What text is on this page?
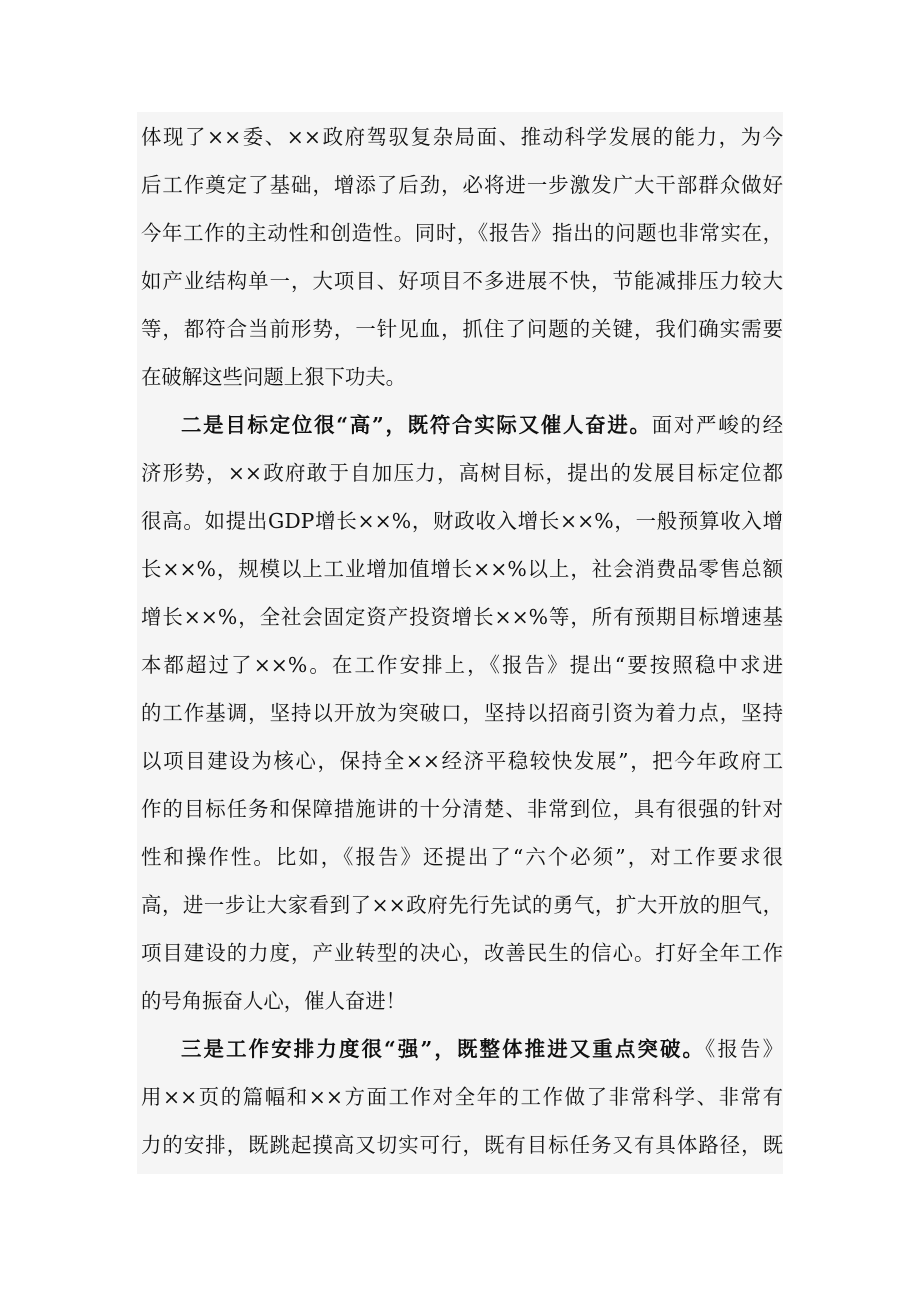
体现了××委、××政府驾驭复杂局面、推动科学发展的能力，为今
后工作奠定了基础，增添了后劲，必将进一步激发广大干部群众做好
今年工作的主动性和创造性。同时，《报告》指出的问题也非常实在，
如产业结构单一，大项目、好项目不多进展不快，节能减排压力较大
等，都符合当前形势，一针见血，抓住了问题的关键，我们确实需要
在破解这些问题上狠下功夫。
二是目标定位很“高”，既符合实际又催人奋进。面对严峻的经
济形势，××政府敢于自加压力，高树目标，提出的发展目标定位都
很高。如提出GDP增长××%，财政收入增长××%，一般预算收入增
长××%，规模以上工业增加值增长××%以上，社会消费品零售总额
增长××%，全社会固定资产投资增长××%等，所有预期目标增速基
本都超过了××%。在工作安排上，《报告》提出“要按照稳中求进
的工作基调，坚持以开放为突破口，坚持以招商引资为着力点，坚持
以项目建设为核心，保持全××经济平稳较快发展”，把今年政府工
作的目标任务和保障措施讲的十分清楚、非常到位，具有很强的针对
性和操作性。比如，《报告》还提出了“六个必须”，对工作要求很
高，进一步让大家看到了××政府先行先试的勇气，扩大开放的胆气，
项目建设的力度，产业转型的决心，改善民生的信心。打好全年工作
的号角振奋人心，催人奋进！
三是工作安排力度很“强”，既整体推进又重点突破。《报告》
用××页的篇幅和××方面工作对全年的工作做了非常科学、非常有
力的安排，既跳起摸高又切实可行，既有目标任务又有具体路径，既
